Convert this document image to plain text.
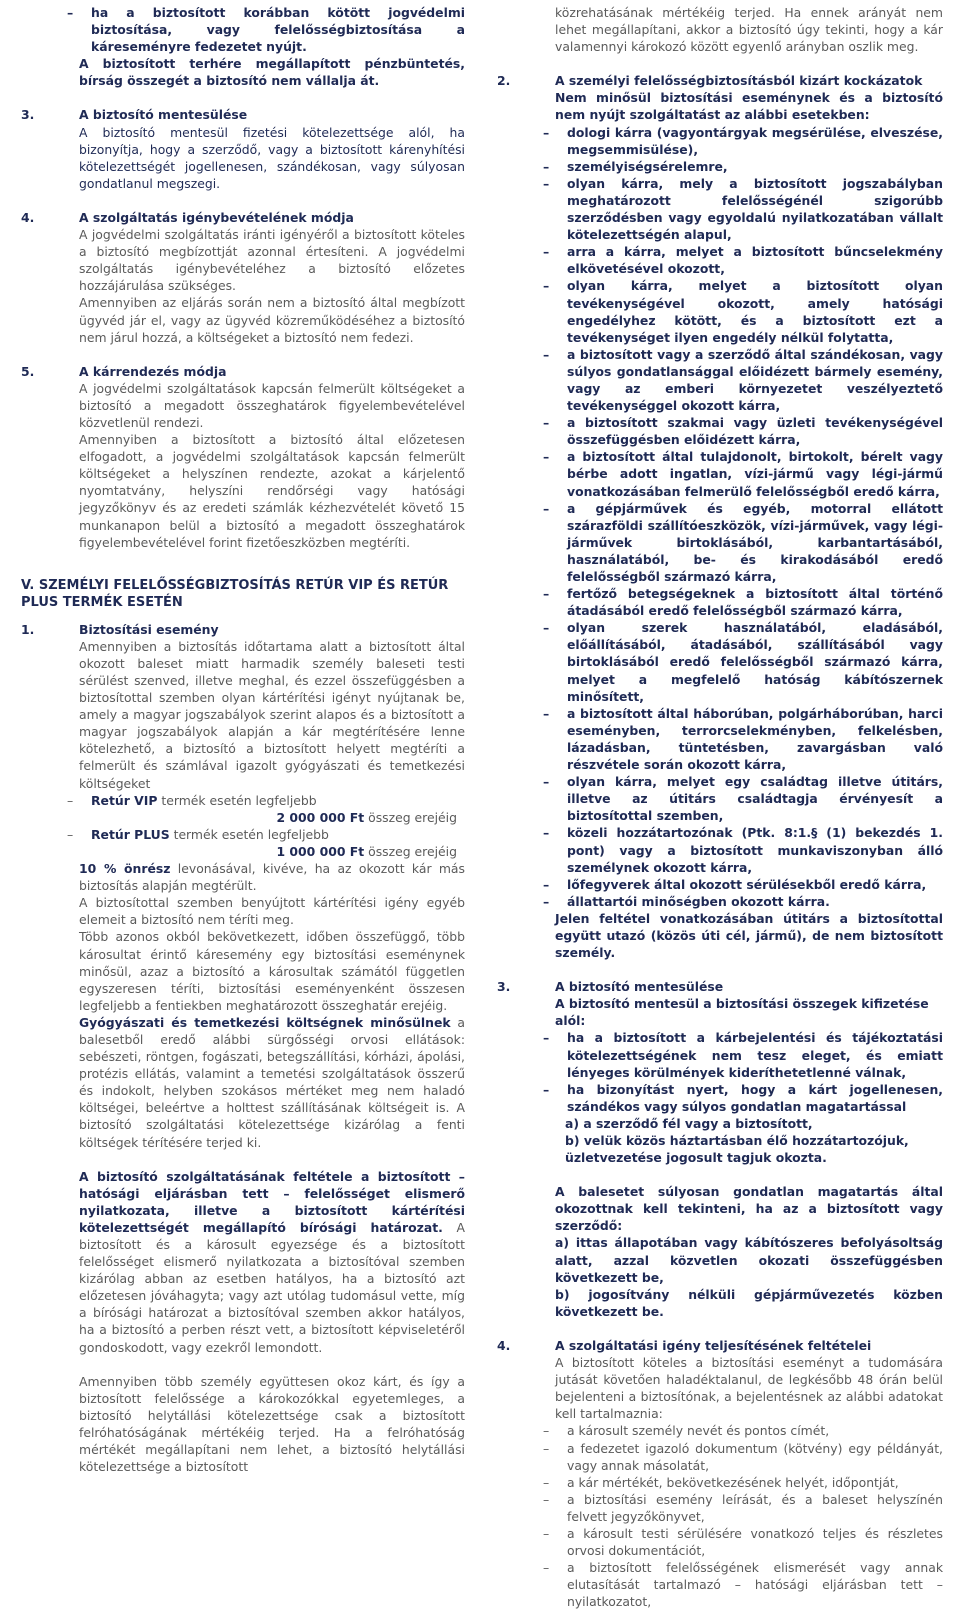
– ha a biztosított korábban kötött jogvédelmi biztosítása, vagy felelősségbiztosítása a káreseményre fedezetet nyújt.

A biztosított terhére megállapított pénzbüntetés, bírság összegét a biztosító nem vállalja át.

3.	A biztosító mentesülése

A biztosító mentesül fizetési kötelezettsége alól, ha bizonyítja, hogy a szerződő, vagy a biztosított kárenyhítési kötelezettségét jogellenesen, szándékosan, vagy súlyosan gondatlanul megszegi.

4.	A szolgáltatás igénybevételének módja

A jogvédelmi szolgáltatás iránti igényéről a biztosított köteles a biztosító megbízottját azonnal értesíteni. A jogvédelmi szolgáltatás igénybevételéhez a biztosító előzetes hozzájárulása szükséges.

Amennyiben az eljárás során nem a biztosító által megbízott ügyvéd jár el, vagy az ügyvéd közreműködéséhez a biztosító nem járul hozzá, a költségeket a biztosító nem fedezi.

5.	A kárrendezés módja

A jogvédelmi szolgáltatások kapcsán felmerült költségeket a biztosító a megadott összeghatárok figyelembevételével közvetlenül rendezi.

Amennyiben a biztosított a biztosító által előzetesen elfogadott, a jogvédelmi szolgáltatások kapcsán felmerült költségeket a helyszínen rendezte, azokat a kárjelentő nyomtatvány, helyszíni rendőrségi vagy hatósági jegyzőkönyv és az eredeti számlák kézhezvételét követő 15 munkanapon belül a biztosító a megadott összeghatárok figyelembevételével forint fizetőeszközben megtéríti.

V. SZEMÉLYI FELELŐSSÉGBIZTOSÍTÁS RETÚR VIP ÉS RETÚR PLUS TERMÉK ESETÉN

1.	Biztosítási esemény

Amennyiben a biztosítás időtartama alatt a biztosított által okozott baleset miatt harmadik személy baleseti testi sérülést szenved, illetve meghal, és ezzel összefüggésben a biztosítottal szemben olyan kártérítési igényt nyújtanak be, amely a magyar jogszabályok szerint alapos és a biztosított a magyar jogszabályok alapján a kár megtérítésére lenne kötelezhető, a biztosító a biztosított helyett megtéríti a felmerült és számlával igazolt gyógyászati és temetkezési költségeket

– Retúr VIP termék esetén legfeljebb

2 000 000 Ft összeg erejéig

– Retúr PLUS termék esetén legfeljebb

1 000 000 Ft összeg erejéig

10 % önrész levonásával, kivéve, ha az okozott kár más biztosítás alapján megtérült.

A biztosítottal szemben benyújtott kártérítési igény egyéb elemeit a biztosító nem téríti meg.

Több azonos okból bekövetkezett, időben összefüggő, több károsultat érintő káresemény egy biztosítási eseménynek minősül, azaz a biztosító a károsultak számától független egyszeresen téríti, biztosítási eseményenként összesen legfeljebb a fentiekben meghatározott összeghatár erejéig.

Gyógyászati és temetkezési költségnek minősülnek a balesetből eredő alábbi sürgősségi orvosi ellátások: sebészeti, röntgen, fogászati, betegszállítási, kórházi, ápolási, protézis ellátás, valamint a temetési szolgáltatások összerű és indokolt, helyben szokásos mértéket meg nem haladó költségei, beleértve a holttest szállításának költségeit is. A biztosító szolgáltatási kötelezettsége kizárólag a fenti költségek térítésére terjed ki.

A biztosító szolgáltatásának feltétele a biztosított – hatósági eljárásban tett – felelősséget elismerő nyilatkozata, illetve a biztosított kártérítési kötelezettségét megállapító bírósági határozat. A biztosított és a károsult egyezsége és a biztosított felelősséget elismerő nyilatkozata a biztosítóval szemben kizárólag abban az esetben hatályos, ha a biztosító azt előzetesen jóváhagyta; vagy azt utólag tudomásul vette, míg a bírósági határozat a biztosítóval szemben akkor hatályos, ha a biztosító a perben részt vett, a biztosított képviseletéről gondoskodott, vagy ezekről lemondott.

Amennyiben több személy együttesen okoz kárt, és így a biztosított felelőssége a károkozókkal egyetemleges, a biztosító helytállási kötelezettsége csak a biztosított felróhatóságának mértékéig terjed. Ha a felróhatóság mértékét megállapítani nem lehet, a biztosító helytállási kötelezettsége a biztosított

közrehatásának mértékéig terjed. Ha ennek arányát nem lehet megállapítani, akkor a biztosító úgy tekinti, hogy a kár valamennyi károkozó között egyenlő arányban oszlik meg.

2.	A személyi felelősségbiztosításból kizárt kockázatok

Nem minősül biztosítási eseménynek és a biztosító nem nyújt szolgáltatást az alábbi esetekben:

– dologi kárra (vagyontárgyak megsérülése, elveszése, megsemmisülése),
– személyiségsérelemre,
– olyan kárra, mely a biztosított jogszabályban meghatározott felelősségénél szigorúbb szerződésben vagy egyoldalú nyilatkozatában vállalt kötelezettségén alapul,
– arra a kárra, melyet a biztosított bűncselekmény elkövetésével okozott,
– olyan kárra, melyet a biztosított olyan tevékenységével okozott, amely hatósági engedélyhez kötött, és a biztosított ezt a tevékenységet ilyen engedély nélkül folytatta,
– a biztosított vagy a szerződő által szándékosan, vagy súlyos gondatlansággal előidézett bármely esemény, vagy az emberi környezetet veszélyeztető tevékenységgel okozott kárra,
– a biztosított szakmai vagy üzleti tevékenységével összefüggésben előidézett kárra,
– a biztosított által tulajdonolt, birtokolt, bérelt vagy bérbe adott ingatlan, vízi-jármű vagy légi-jármű vonatkozásában felmerülő felelősségből eredő kárra,
– a gépjárművek és egyéb, motorral ellátott szárazföldi szállítóeszközök, vízi-járművek, vagy légi-járművek birtoklásából, karbantartásából, használatából, be- és kirakodásából eredő felelősségből származó kárra,
– fertőző betegségeknek a biztosított által történő átadásából eredő felelősségből származó kárra,
– olyan szerek használatából, eladásából, előállításából, átadásából, szállításából vagy birtoklásából eredő felelősségből származó kárra, melyet a megfelelő hatóság kábítószernek minősített,
– a biztosított által háborúban, polgárháborúban, harci eseményben, terrorcselekményben, felkelésben, lázadásban, tüntetésben, zavargásban való részvétele során okozott kárra,
– olyan kárra, melyet egy családtag illetve útitárs, illetve az útitárs családtagja érvényesít a biztosítottal szemben,
– közeli hozzátartozónak (Ptk. 8:1.§ (1) bekezdés 1. pont) vagy a biztosított munkaviszonyban álló személynek okozott kárra,
– lőfegyverek által okozott sérülésekből eredő kárra,
– állattartói minőségben okozott kárra.

Jelen feltétel vonatkozásában útitárs a biztosítottal együtt utazó (közös úti cél, jármű), de nem biztosított személy.

3.	A biztosító mentesülése

A biztosító mentesül a biztosítási összegek kifizetése alól:

– ha a biztosított a kárbejelentési és tájékoztatási kötelezettségének nem tesz eleget, és emiatt lényeges körülmények kideríthetetlenné válnak,
– ha bizonyítást nyert, hogy a kárt jogellenesen, szándékos vagy súlyos gondatlan magatartással

a) a szerződő fél vagy a biztosított,

b) velük közös háztartásban élő hozzátartozójuk, üzletvezetése jogosult tagjuk okozta.

A balesetet súlyosan gondatlan magatartás által okozottnak kell tekinteni, ha az a biztosított vagy szerződő:

a) ittas állapotában vagy kábítószeres befolyásoltság alatt, azzal közvetlen okozati összefüggésben következett be,

b) jogosítvány nélküli gépjárművezetés közben következett be.

4.	A szolgáltatási igény teljesítésének feltételei

A biztosított köteles a biztosítási eseményt a tudomására jutását követően haladéktalanul, de legkésőbb 48 órán belül bejelenteni a biztosítónak, a bejelentésnek az alábbi adatokat kell tartalmaznia:

– a károsult személy nevét és pontos címét,
– a fedezetet igazoló dokumentum (kötvény) egy példányát, vagy annak másolatát,
– a kár mértékét, bekövetkezésének helyét, időpontját,
– a biztosítási esemény leírását, és a baleset helyszínén felvett jegyzőkönyvet,
– a károsult testi sérülésére vonatkozó teljes és részletes orvosi dokumentációt,
– a biztosított felelősségének elismerését vagy annak elutasítását tartalmazó – hatósági eljárásban tett – nyilatkozatot,
